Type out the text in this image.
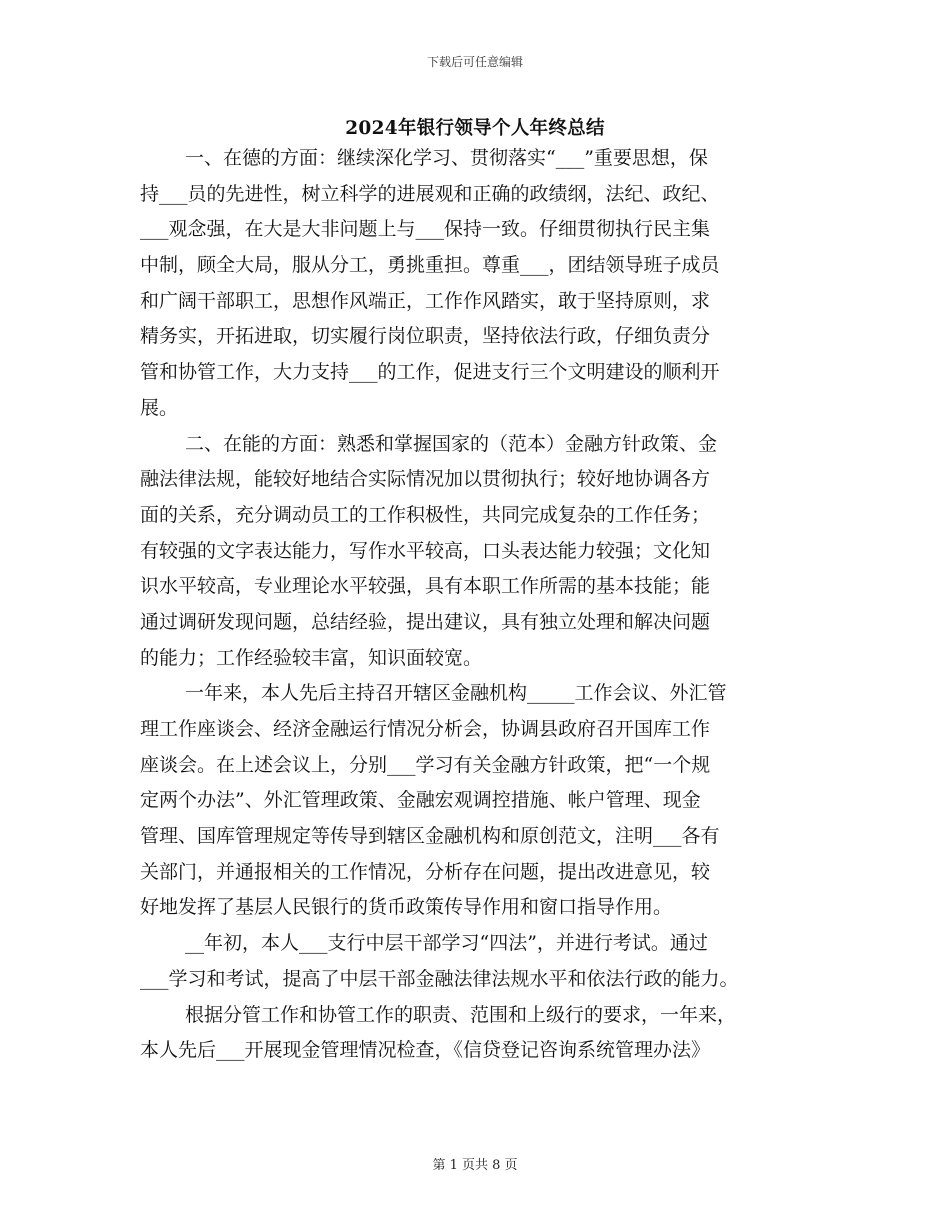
下载后可任意编辑
2024年银行领导个人年终总结

一、在德的方面：继续深化学习、贯彻落实“___”重要思想，保
持___员的先进性，树立科学的进展观和正确的政绩纲，法纪、政纪、
___观念强，在大是大非问题上与___保持一致。仔细贯彻执行民主集
中制，顾全大局，服从分工，勇挑重担。尊重___，团结领导班子成员
和广阔干部职工，思想作风端正，工作作风踏实，敢于坚持原则，求
精务实，开拓进取，切实履行岗位职责，坚持依法行政，仔细负责分
管和协管工作，大力支持___的工作，促进支行三个文明建设的顺利开
展。

二、在能的方面：熟悉和掌握国家的（范本）金融方针政策、金
融法律法规，能较好地结合实际情况加以贯彻执行；较好地协调各方
面的关系，充分调动员工的工作积极性，共同完成复杂的工作任务；
有较强的文字表达能力，写作水平较高，口头表达能力较强；文化知
识水平较高，专业理论水平较强，具有本职工作所需的基本技能；能
通过调研发现问题，总结经验，提出建议，具有独立处理和解决问题
的能力；工作经验较丰富，知识面较宽。

一年来，本人先后主持召开辖区金融机构_____工作会议、外汇管
理工作座谈会、经济金融运行情况分析会，协调县政府召开国库工作
座谈会。在上述会议上，分别___学习有关金融方针政策，把“一个规
定两个办法”、外汇管理政策、金融宏观调控措施、帐户管理、现金
管理、国库管理规定等传导到辖区金融机构和原创范文，注明___各有
关部门，并通报相关的工作情况，分析存在问题，提出改进意见，较
好地发挥了基层人民银行的货币政策传导作用和窗口指导作用。

__年初，本人___支行中层干部学习“四法”，并进行考试。通过
___学习和考试，提高了中层干部金融法律法规水平和依法行政的能力。

根据分管工作和协管工作的职责、范围和上级行的要求，一年来，
本人先后___开展现金管理情况检查，《信贷登记咨询系统管理办法》

第 1 页共 8 页
